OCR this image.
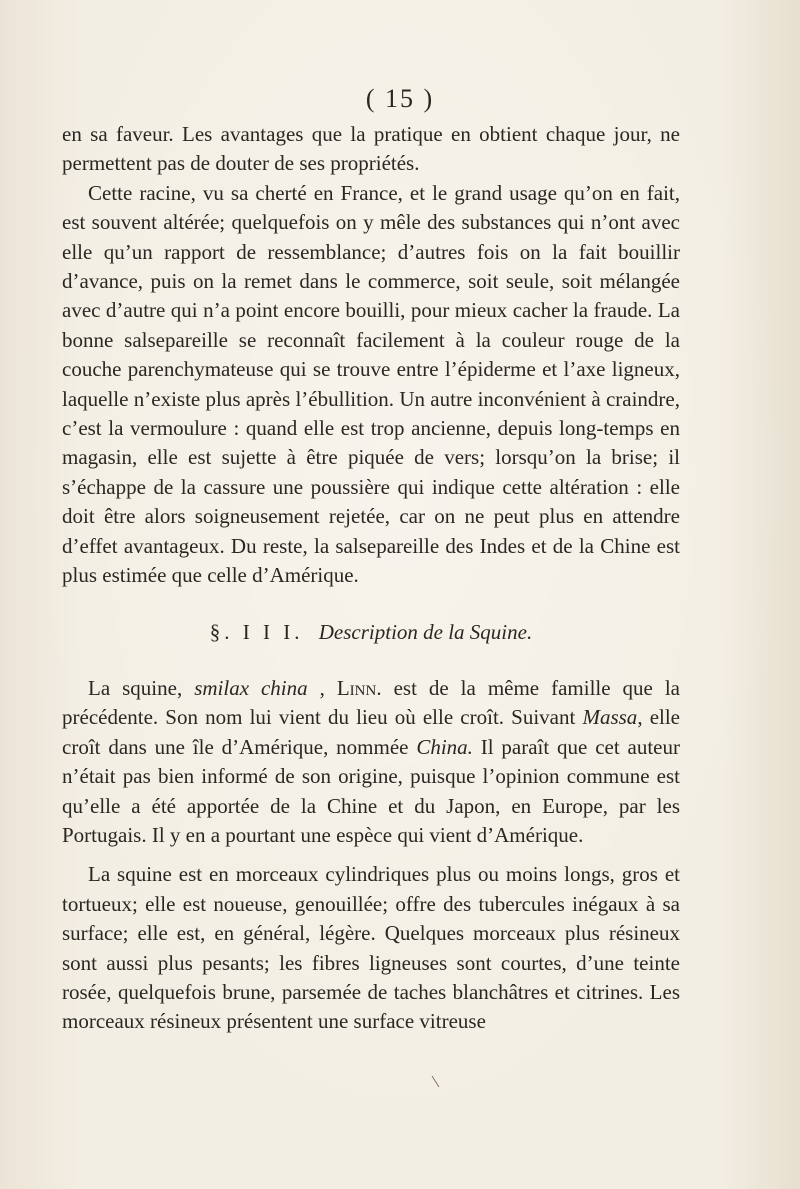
( 15 )

en sa faveur. Les avantages que la pratique en obtient chaque jour, ne permettent pas de douter de ses propriétés.

Cette racine, vu sa cherté en France, et le grand usage qu’on en fait, est souvent altérée; quelquefois on y mêle des substances qui n’ont avec elle qu’un rapport de ressemblance; d’autres fois on la fait bouillir d’avance, puis on la remet dans le commerce, soit seule, soit mélangée avec d’autre qui n’a point encore bouilli, pour mieux cacher la fraude. La bonne salsepareille se reconnaît facilement à la couleur rouge de la couche parenchymateuse qui se trouve entre l’épiderme et l’axe ligneux, laquelle n’existe plus après l’ébullition. Un autre inconvénient à craindre, c’est la vermoulure : quand elle est trop ancienne, depuis long-temps en magasin, elle est sujette à être piquée de vers; lorsqu’on la brise; il s’échappe de la cassure une poussière qui indique cette altération : elle doit être alors soigneusement rejetée, car on ne peut plus en attendre d’effet avantageux. Du reste, la salsepareille des Indes et de la Chine est plus estimée que celle d’Amérique.

§. I I I. Description de la Squine.

La squine, smilax china , Linn. est de la même famille que la précédente. Son nom lui vient du lieu où elle croît. Suivant Massa, elle croît dans une île d’Amérique, nommée China. Il paraît que cet auteur n’était pas bien informé de son origine, puisque l’opinion commune est qu’elle a été apportée de la Chine et du Japon, en Europe, par les Portugais. Il y en a pourtant une espèce qui vient d’Amérique.

La squine est en morceaux cylindriques plus ou moins longs, gros et tortueux; elle est noueuse, genouillée; offre des tubercules inégaux à sa surface; elle est, en général, légère. Quelques morceaux plus résineux sont aussi plus pesants; les fibres ligneuses sont courtes, d’une teinte rosée, quelquefois brune, parsemée de taches blanchâtres et citrines. Les morceaux résineux présentent une surface vitreuse
